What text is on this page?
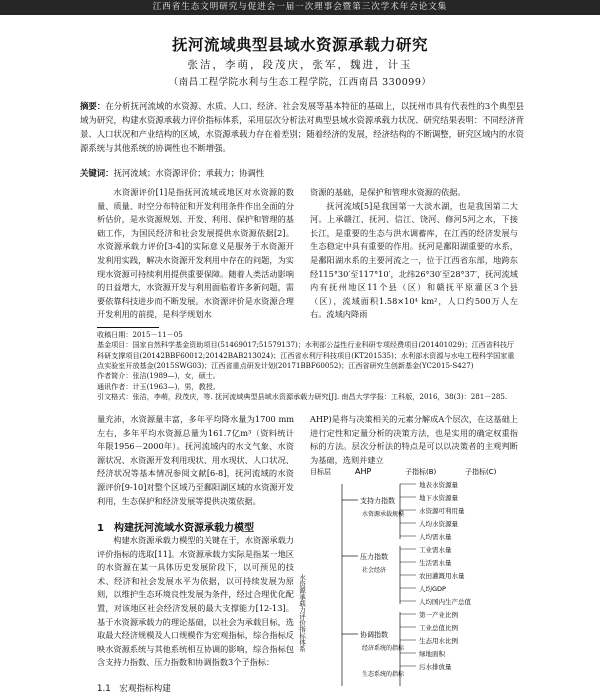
江西省生态文明研究与促进会一届一次理事会暨第三次学术年会论文集
抚河流域典型县域水资源承载力研究
张洁，李萌，段茂庆，张军，魏进，计玉
（南昌工程学院水利与生态工程学院，江西南昌 330099）
摘要：在分析抚河流域的水资源、水质、人口、经济、社会发展等基本特征的基础上，以抚州市具有代表性的3个典型县域为研究，构建水资源承载力评价指标体系，采用层次分析法对典型县域水资源承载力状况、研究结果表明：不同经济背景、人口状况和产业结构的区域，水资源承载力存在着差别；随着经济的发展，经济结构的不断调整，研究区域内的水资源系统与其他系统的协调性也不断增强。
关键词：抚河流域；水资源评价；承载力；协调性

水资源评价[1]是指抚河流域或地区对水资源的数量、质量、时空分布特征和开发利用条件作出全面的分析估价，是水资源规划、开发、利用、保护和管理的基础工作，为国民经济和社会发展提供水资源依据[2]。水资源承载力评价[3-4]的实际意义是服务于水资源开发利用实践，解决水资源开发利用中存在的问题，为实现水资源可持续利用提供重要保障。随着人类活动影响的日益增大，水资源开发与利用面临着许多新问题，需要依靠科技进步而不断发展。水资源评价是水资源合理开发利用的前提，是科学规划水

资源的基础，是保护和管理水资源的依据。

抚河流域[5]是我国第一大淡水湖，也是我国第二大河。上承赣江、抚河、信江、饶河、修河5河之水，下接长江，是重要的生态与洪水调蓄库，在江西的经济发展与生态稳定中具有重要的作用。抚河是鄱阳湖重要的水系，是鄱阳湖水系的主要河流之一，位于江西省东部，地跨东经115°30′至117°10′，北纬26°30′至28°37′，抚河流域内有抚州地区11个县（区）和赣抚平原灌区3个县（区），流域面积1.58×10⁴ km²，人口约500万人左右。流域内降雨

收稿日期：2015－11－05
基金项目：国家自然科学基金资助项目(51469017;51579137)；水利部公益性行业科研专项经费项目(201401029)；江西省科技厅科研支撑项目(20142BBF60012;20142BAB213024)；江西省水利厅科技项目(KT201535)；水利部水资源与水电工程科学国家重点实验室开放基金(2015SWG03)；江西省重点研发计划(20171BBF60052)；江西省研究生创新基金(YC2015-S427)
作者简介：张洁(1989—)，女，硕士。
通讯作者：计玉(1963—)，男，教授。
引文格式：张洁，李萌，段茂庆，等. 抚河流域典型县域水资源承载力研究[J]. 南昌大学学报：工科版，2016，38(3)：281－285.

量充沛，水资源量丰富，多年平均降水量为1700 mm左右，多年平均水资源总量为161.7亿m³（资料统计年限1956－2000年）。抚河流域内的水文气象、水资源状况、水资源开发利用现状、用水现状、人口状况、经济状况等基本情况参阅文献[6-8]，抚河流域的水资源评价[9-10]对整个区域乃至鄱阳湖区域的水资源开发利用，生态保护和经济发展等提供决策依据。

1　构建抚河流域水资源承载力模型

构建水资源承载力模型的关键在于，水资源承载力评价指标的选取[11]。水资源承载力实际是指某一地区的水资源在某一具体历史发展阶段下，以可预见的技术、经济和社会发展水平为依据，以可持续发展为原则，以维护生态环境良性发展为条件，经过合理优化配置，对该地区社会经济发展的最大支撑能力[12-13]。基于水资源承载力的理论基础，以社会为承载目标，选取最大经济规模及人口规模作为宏观指标，综合指标反映水资源系统与其他系统相互协调的影响，综合指标包含支持力指数、压力指数和协调指数3个子指标：

1.1　宏观指标构建

AHP)是将与决策相关的元素分解成A个层次，在这基础上进行定性和定量分析的决策方法，也是实用的确定权重指标的方法。层次分析法的特点是可以以决策者的主观判断为基础，选则并建立

AHP
目标层	子指标(B)	子指标(C)
水资源承载力评价指标体系
支持力指数
压力指数
协调指数
水资源承载规模
社会经济
经济系统的指标
生态系统的指标
地表水资源量
地下水资源量
水资源可利用量
人均水资源量
人均需水量
工业需水量
生活需水量
农田灌溉用水量
人均GDP
人均国内生产总值
第一产业比例
工业总值比例
生态用水比例
绿地面积
污水排放量
